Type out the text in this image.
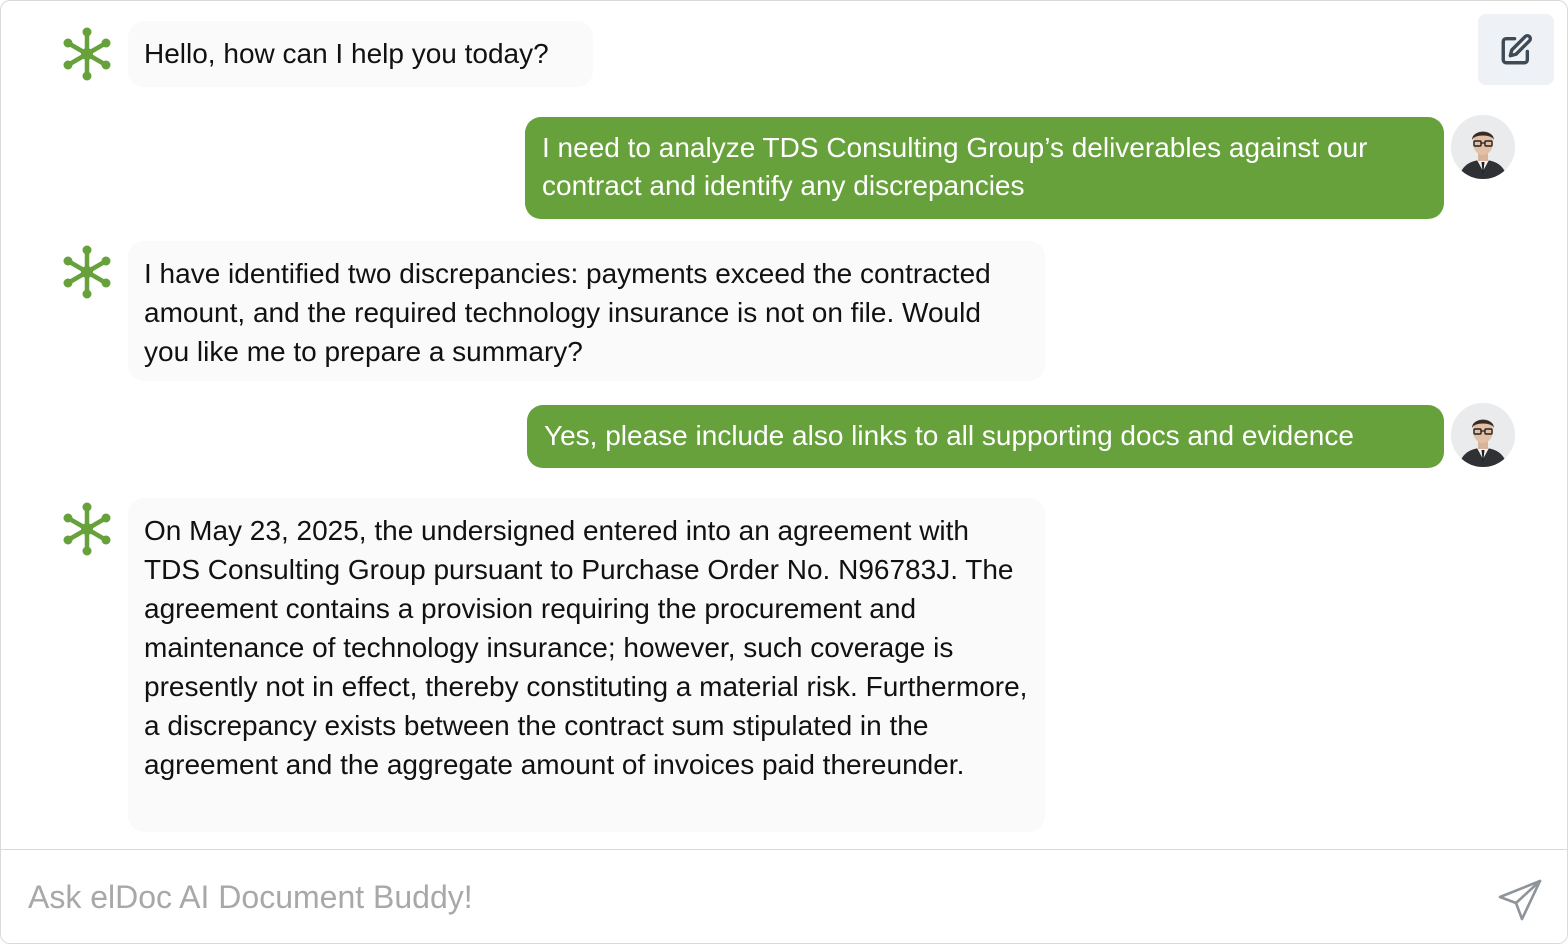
Hello, how can I help you today?
I need to analyze TDS Consulting Group’s deliverables against our contract and identify any discrepancies
I have identified two discrepancies: payments exceed the contracted amount, and the required technology insurance is not on file. Would you like me to prepare a summary?
Yes, please include also links to all supporting docs and evidence
On May 23, 2025, the undersigned entered into an agreement with TDS Consulting Group pursuant to Purchase Order No. N96783J. The agreement contains a provision requiring the procurement and maintenance of technology insurance; however, such coverage is presently not in effect, thereby constituting a material risk. Furthermore, a discrepancy exists between the contract sum stipulated in the agreement and the aggregate amount of invoices paid thereunder.
Ask elDoc AI Document Buddy!
